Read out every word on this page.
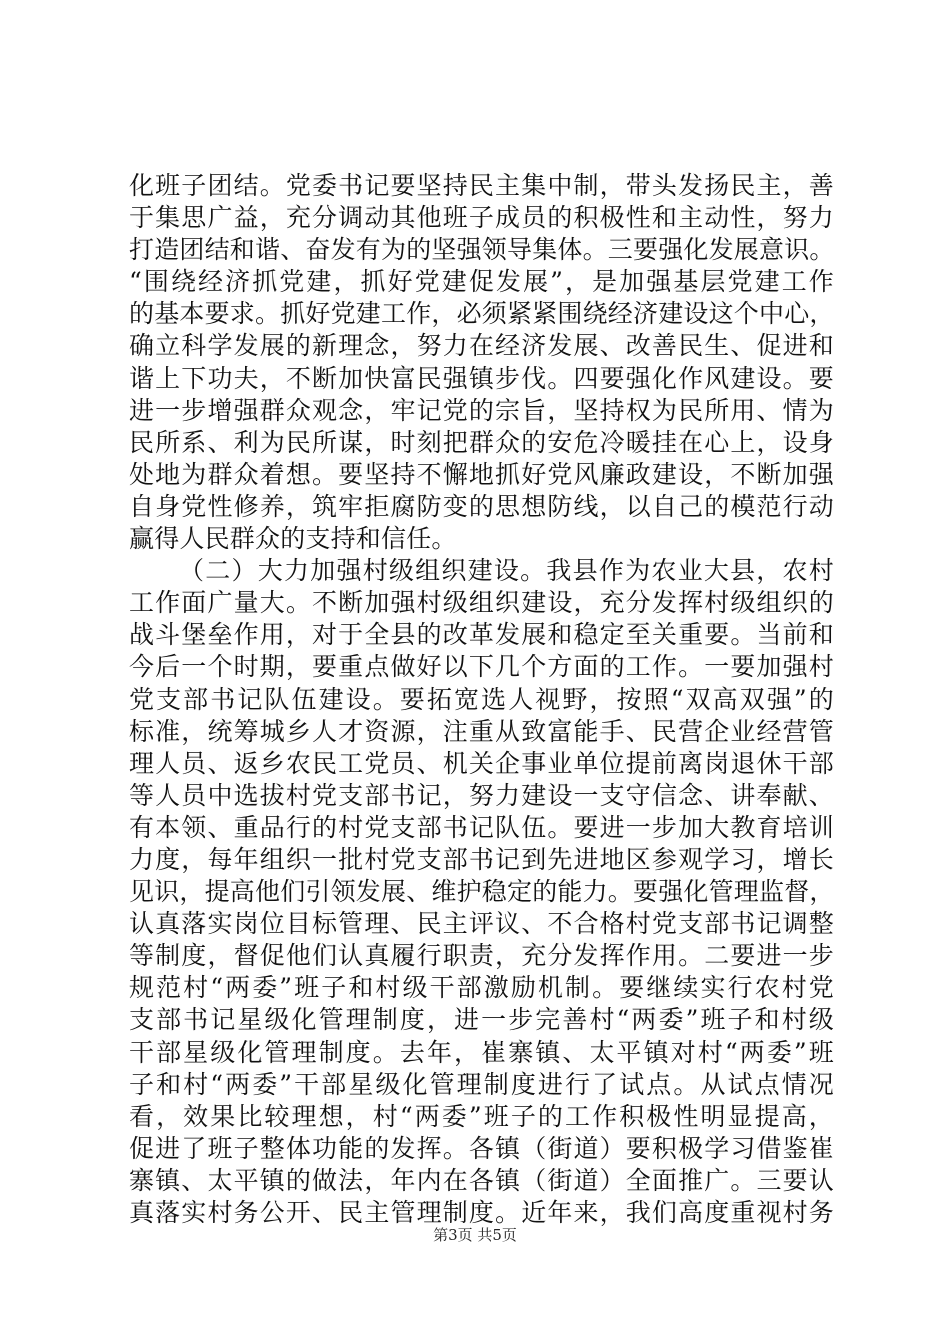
化班子团结。党委书记要坚持民主集中制，带头发扬民主，善
于集思广益，充分调动其他班子成员的积极性和主动性，努力
打造团结和谐、奋发有为的坚强领导集体。三要强化发展意识。
“围绕经济抓党建，抓好党建促发展”，是加强基层党建工作
的基本要求。抓好党建工作，必须紧紧围绕经济建设这个中心，
确立科学发展的新理念，努力在经济发展、改善民生、促进和
谐上下功夫，不断加快富民强镇步伐。四要强化作风建设。要
进一步增强群众观念，牢记党的宗旨，坚持权为民所用、情为
民所系、利为民所谋，时刻把群众的安危冷暖挂在心上，设身
处地为群众着想。要坚持不懈地抓好党风廉政建设，不断加强
自身党性修养，筑牢拒腐防变的思想防线，以自己的模范行动
赢得人民群众的支持和信任。
（二）大力加强村级组织建设。我县作为农业大县，农村
工作面广量大。不断加强村级组织建设，充分发挥村级组织的
战斗堡垒作用，对于全县的改革发展和稳定至关重要。当前和
今后一个时期，要重点做好以下几个方面的工作。一要加强村
党支部书记队伍建设。要拓宽选人视野，按照“双高双强”的
标准，统筹城乡人才资源，注重从致富能手、民营企业经营管
理人员、返乡农民工党员、机关企事业单位提前离岗退休干部
等人员中选拔村党支部书记，努力建设一支守信念、讲奉献、
有本领、重品行的村党支部书记队伍。要进一步加大教育培训
力度，每年组织一批村党支部书记到先进地区参观学习，增长
见识，提高他们引领发展、维护稳定的能力。要强化管理监督，
认真落实岗位目标管理、民主评议、不合格村党支部书记调整
等制度，督促他们认真履行职责，充分发挥作用。二要进一步
规范村“两委”班子和村级干部激励机制。要继续实行农村党
支部书记星级化管理制度，进一步完善村“两委”班子和村级
干部星级化管理制度。去年，崔寨镇、太平镇对村“两委”班
子和村“两委”干部星级化管理制度进行了试点。从试点情况
看，效果比较理想，村“两委”班子的工作积极性明显提高，
促进了班子整体功能的发挥。各镇（街道）要积极学习借鉴崔
寨镇、太平镇的做法，年内在各镇（街道）全面推广。三要认
真落实村务公开、民主管理制度。近年来，我们高度重视村务
第3页 共5页
